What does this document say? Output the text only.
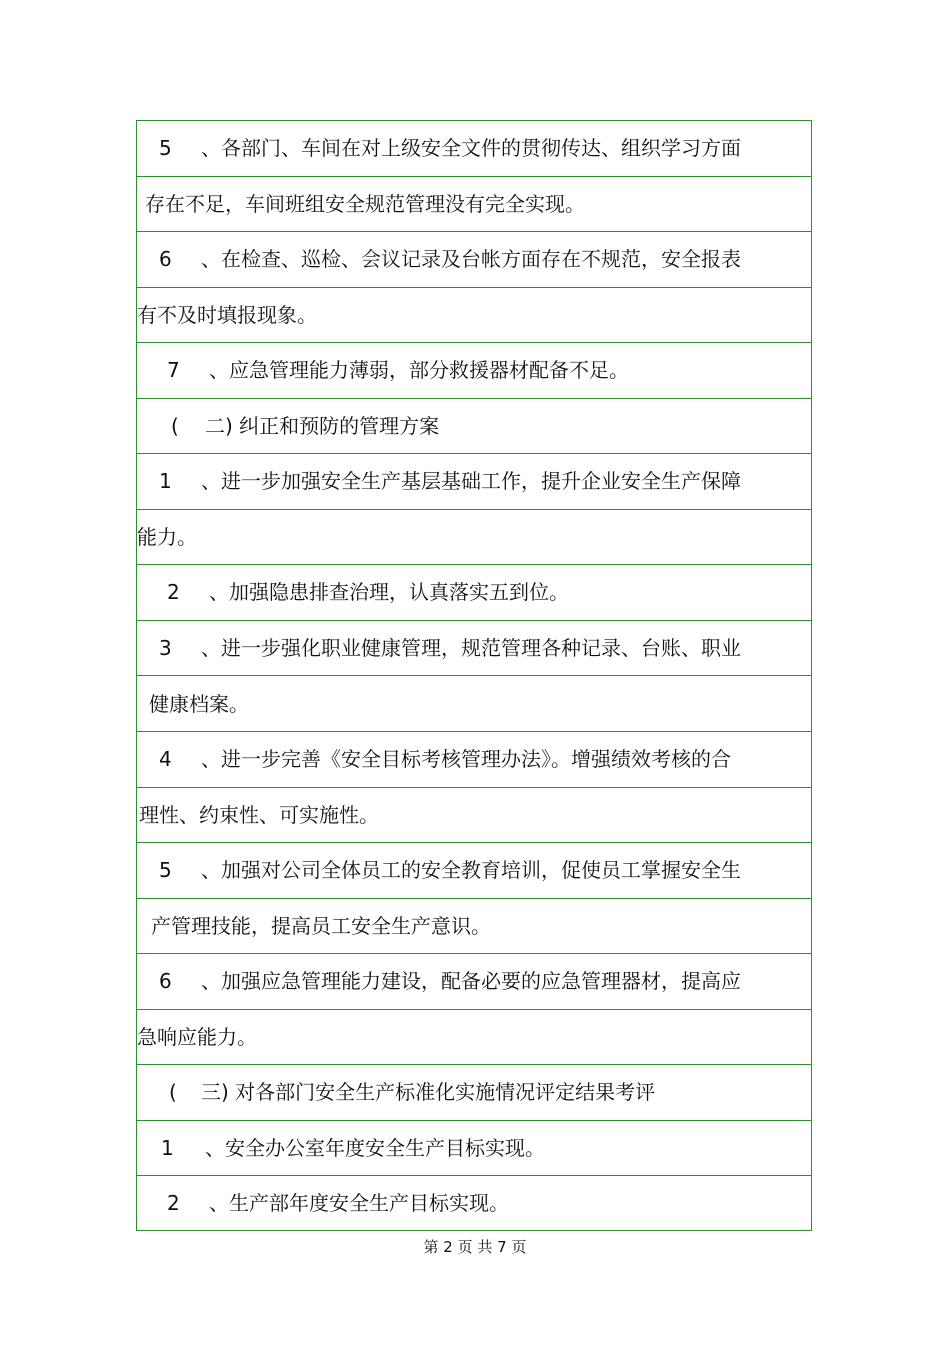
5 、各部门、车间在对上级安全文件的贯彻传达、组织学习方面
存在不足，车间班组安全规范管理没有完全实现。
6 、在检查、巡检、会议记录及台帐方面存在不规范，安全报表
有不及时填报现象。
7 、应急管理能力薄弱，部分救援器材配备不足。
( 二) 纠正和预防的管理方案
1 、进一步加强安全生产基层基础工作，提升企业安全生产保障
能力。
2 、加强隐患排查治理，认真落实五到位。
3 、进一步强化职业健康管理，规范管理各种记录、台账、职业
健康档案。
4 、进一步完善《安全目标考核管理办法》。增强绩效考核的合
理性、约束性、可实施性。
5 、加强对公司全体员工的安全教育培训，促使员工掌握安全生
产管理技能，提高员工安全生产意识。
6 、加强应急管理能力建设，配备必要的应急管理器材，提高应
急响应能力。
( 三) 对各部门安全生产标准化实施情况评定结果考评
1 、安全办公室年度安全生产目标实现。
2 、生产部年度安全生产目标实现。
第 2 页 共 7 页
